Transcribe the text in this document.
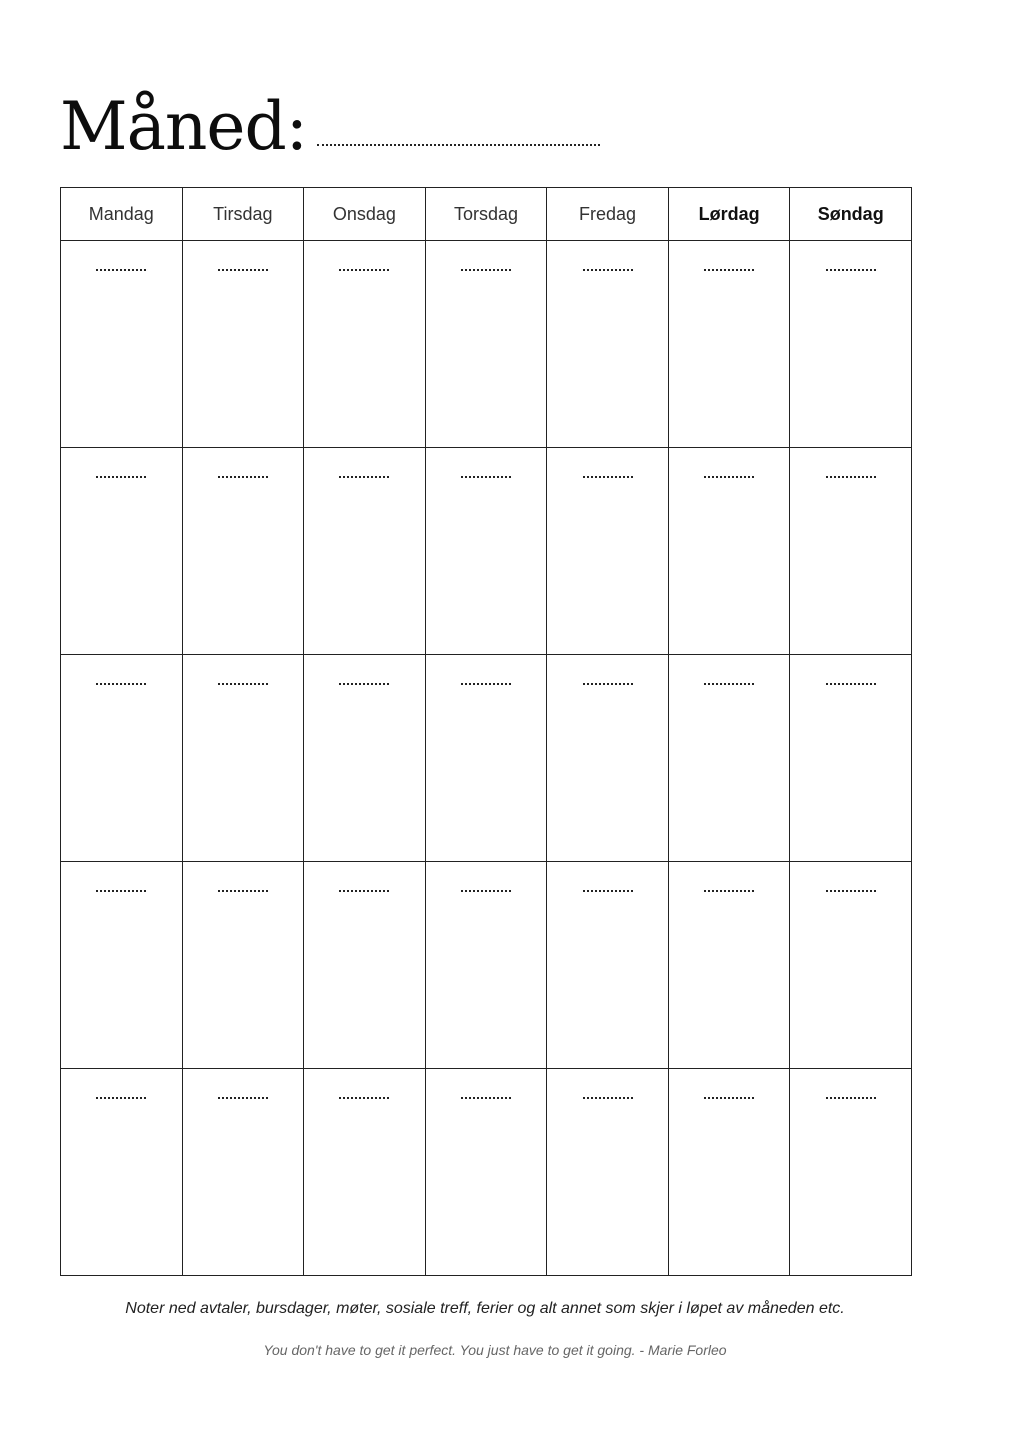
Måned:
Mandag	Tirsdag	Onsdag	Torsdag	Fredag	Lørdag	Søndag

Noter ned avtaler, bursdager, møter, sosiale treff, ferier og alt annet som skjer i løpet av måneden etc.
You don't have to get it perfect. You just have to get it going. - Marie Forleo
